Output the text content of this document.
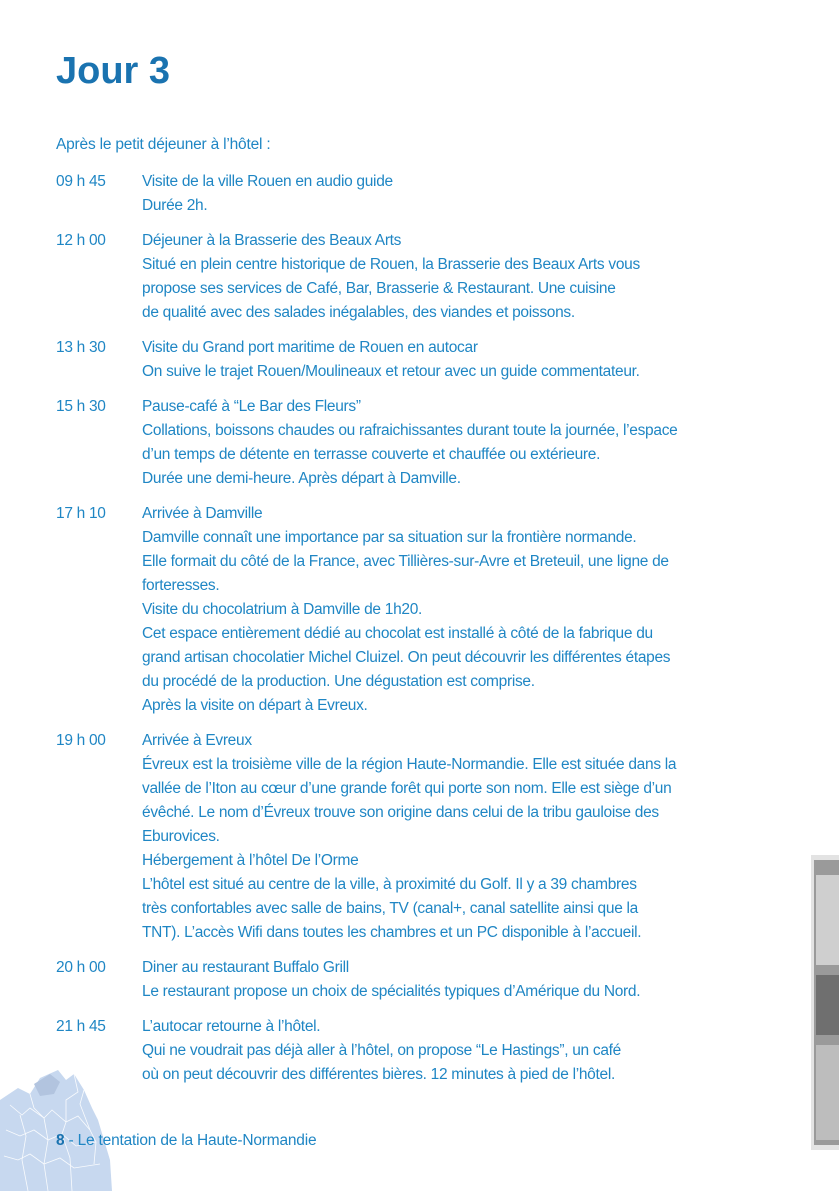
Jour 3
Après le petit déjeuner à l’hôtel :
09 h 45	Visite de la ville Rouen en audio guide
Durée 2h.
12 h 00	Déjeuner à la Brasserie des Beaux Arts
Situé en plein centre historique de Rouen, la Brasserie des Beaux Arts vous
propose ses services de Café, Bar, Brasserie & Restaurant. Une cuisine
de qualité avec des salades inégalables, des viandes et poissons.
13 h 30	Visite du Grand port maritime de Rouen en autocar
On suive le trajet Rouen/Moulineaux et retour avec un guide commentateur.
15 h 30	Pause-café à “Le Bar des Fleurs”
Collations, boissons chaudes ou rafraichissantes durant toute la journée, l’espace
d’un temps de détente en terrasse couverte et chauffée ou extérieure.
Durée une demi-heure. Après départ à Damville.
17 h 10	Arrivée à Damville
Damville connaît une importance par sa situation sur la frontière normande.
Elle formait du côté de la France, avec Tillières-sur-Avre et Breteuil, une ligne de
forteresses.
Visite du chocolatrium à Damville de 1h20.
Cet espace entièrement dédié au chocolat est installé à côté de la fabrique du
grand artisan chocolatier Michel Cluizel. On peut découvrir les différentes étapes
du procédé de la production. Une dégustation est comprise.
Après la visite on départ à Evreux.
19 h 00	Arrivée à Evreux
Évreux est la troisième ville de la région Haute-Normandie. Elle est située dans la
vallée de l’Iton au cœur d’une grande forêt qui porte son nom. Elle est siège d’un
évêché. Le nom d’Évreux trouve son origine dans celui de la tribu gauloise des
Eburovices.
Hébergement à l’hôtel De l’Orme
L’hôtel est situé au centre de la ville, à proximité du Golf. Il y a 39 chambres
très confortables avec salle de bains, TV (canal+, canal satellite ainsi que la
TNT). L’accès Wifi dans toutes les chambres et un PC disponible à l’accueil.
20 h 00	Diner au restaurant Buffalo Grill
Le restaurant propose un choix de spécialités typiques d’Amérique du Nord.
21 h 45	L’autocar retourne à l’hôtel.
Qui ne voudrait pas déjà aller à l’hôtel, on propose “Le Hastings”, un café
où on peut découvrir des différentes bières. 12 minutes à pied de l’hôtel.
8 - Le tentation de la Haute-Normandie
